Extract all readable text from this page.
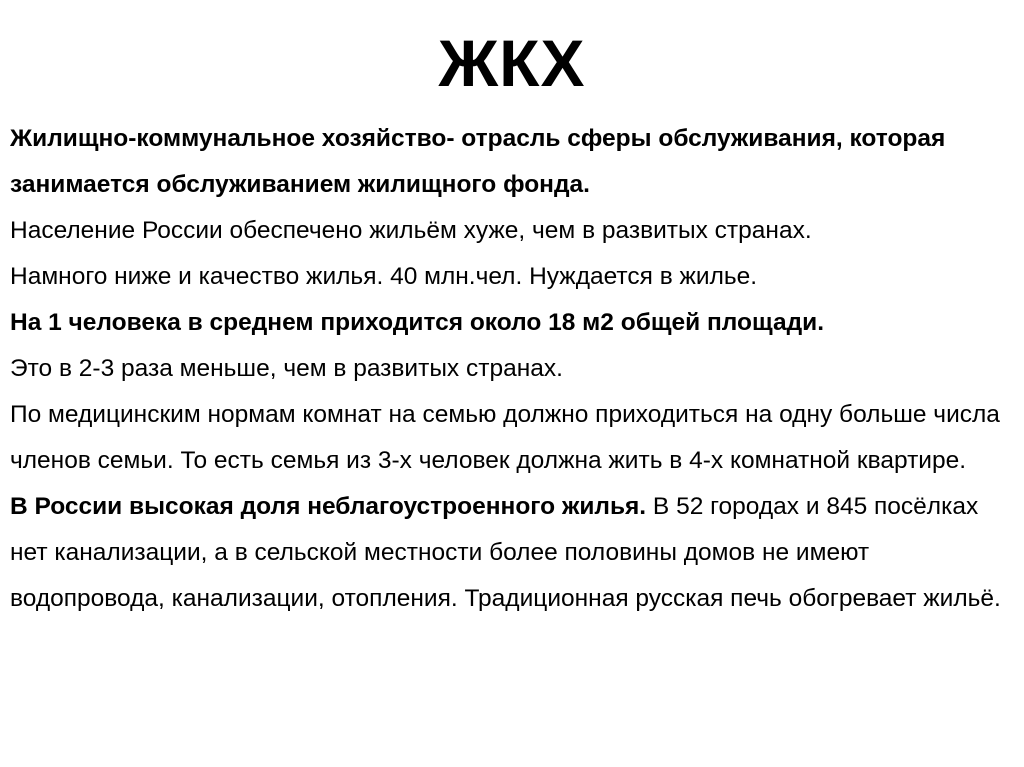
ЖКХ

Жилищно-коммунальное хозяйство- отрасль сферы обслуживания, которая занимается обслуживанием жилищного фонда.

Население России обеспечено жильём хуже, чем в развитых странах.

Намного ниже и качество жилья. 40 млн.чел. Нуждается в жилье.

На 1 человека в среднем приходится около 18 м2 общей площади.

Это в 2-3 раза меньше, чем в развитых странах.

По медицинским нормам комнат на семью должно приходиться на одну больше числа членов семьи. То есть семья из 3-х человек должна жить в 4-х комнатной квартире.

В России высокая доля неблагоустроенного жилья. В 52 городах и 845 посёлках нет канализации, а в сельской местности более половины домов не имеют водопровода, канализации, отопления. Традиционная русская печь обогревает жильё.
